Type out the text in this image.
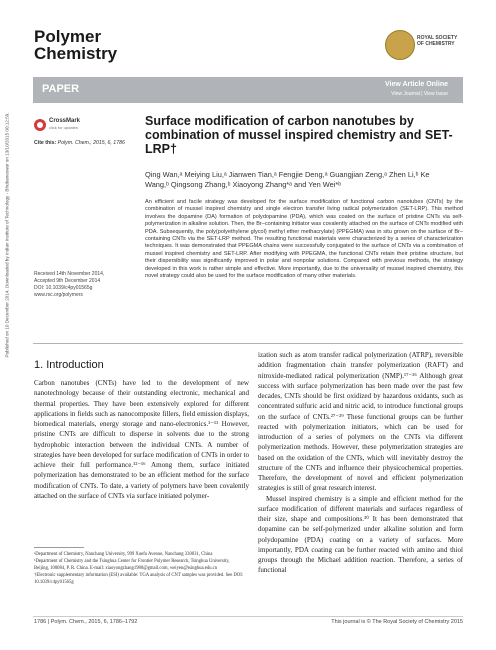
Published on 10 December 2014. Downloaded by Indian Institute of Technology - Bhubaneswar on 13/10/2015 00:12:59.
Polymer
Chemistry
ROYAL SOCIETY
OF CHEMISTRY
PAPER	View Article Online
View Journal | View Issue
CrossMark
click for updates
Cite this: Polym. Chem., 2015, 6, 1786
Surface modification of carbon nanotubes by combination of mussel inspired chemistry and SET-LRP†
Qing Wan,ᵃ Meiying Liu,ᵃ Jianwen Tian,ᵃ Fengjie Deng,ᵃ Guangjian Zeng,ᵃ Zhen Li,ᵇ Ke Wang,ᵇ Qingsong Zhang,ᵇ Xiaoyong Zhang*ᵃ and Yen Wei*ᵇ
An efficient and facile strategy was developed for the surface modification of functional carbon nanotubes (CNTs) by the combination of mussel inspired chemistry and single electron transfer living radical polymerization (SET-LRP). This method involves the dopamine (DA) formation of polydopamine (PDA), which was coated on the surface of pristine CNTs via self-polymerization in alkaline solution. Then, the Br–containing initiator was covalently attached on the surface of CNTs modified with PDA. Subsequently, the poly(polyethylene glycol) methyl ether methacrylate) (PPEGMA) was in situ grown on the surface of Br–containing CNTs via the SET-LRP method. The resulting functional materials were characterized by a series of characterization techniques. It was demonstrated that PPEGMA chains were successfully conjugated to the surface of CNTs via a combination of mussel inspired chemistry and SET-LRP. After modifying with PPEGMA, the functional CNTs retain their pristine structure, but their dispersibility was significantly improved in polar and nonpolar solutions. Compared with previous methods, the strategy developed in this work is rather simple and effective. More importantly, due to the universality of mussel inspired chemistry, this novel strategy could also be used for the surface modification of many other materials.
Received 14th November 2014,
Accepted 9th December 2014
DOI: 10.1039/c4py01565g
www.rsc.org/polymers
1. Introduction

Carbon nanotubes (CNTs) have led to the development of new nanotechnology because of their outstanding electronic, mechanical and thermal properties. They have been extensively explored for different applications in fields such as nanocomposite fillers, field emission displays, biomedical materials, energy storage and nano-electronics.¹⁻¹¹ However, pristine CNTs are difficult to disperse in solvents due to the strong hydrophobic interaction between the individual CNTs. A number of strategies have been developed for surface modification of CNTs in order to achieve their full performance.¹²⁻¹⁶ Among them, surface initiated polymerization has demonstrated to be an efficient method for the surface modification of CNTs. To date, a variety of polymers have been covalently attached on the surface of CNTs via surface initiated polymer-

ization such as atom transfer radical polymerization (ATRP), reversible addition fragmentation chain transfer polymerization (RAFT) and nitroxide-mediated radical polymerization (NMP).¹⁷⁻²⁶ Although great success with surface polymerization has been made over the past few decades, CNTs should be first oxidized by hazardous oxidants, such as concentrated sulfuric acid and nitric acid, to introduce functional groups on the surface of CNTs.²⁷⁻²⁹ These functional groups can be further reacted with polymerization initiators, which can be used for introduction of a series of polymers on the CNTs via different polymerization methods. However, these polymerization strategies are based on the oxidation of the CNTs, which will inevitably destroy the structure of the CNTs and influence their physicochemical properties. Therefore, the development of novel and efficient polymerization strategies is still of great research interest.

Mussel inspired chemistry is a simple and efficient method for the surface modification of different materials and surfaces regardless of their size, shape and compositions.³⁰ It has been demonstrated that dopamine can be self-polymerized under alkaline solution and form polydopamine (PDA) coating on a variety of surfaces. More importantly, PDA coating can be further reacted with amino and thiol groups through the Michael addition reaction. Therefore, a series of functional

ᵃDepartment of Chemistry, Nanchang University, 999 Xuefu Avenue, Nanchang 330031, China

ᵇDepartment of Chemistry and the Tsinghua Center for Frontier Polymer Research, Tsinghua University, Beijing, 100084, P. R. China. E-mail: xiaoyongzhang1980@gmail.com, weiyen@tsinghua.edu.cn

†Electronic supplementary information (ESI) available: TGA analysis of CNT samples was provided. See DOI: 10.1039/c4py01565g

1786 | Polym. Chem., 2015, 6, 1786–1792	This journal is © The Royal Society of Chemistry 2015
